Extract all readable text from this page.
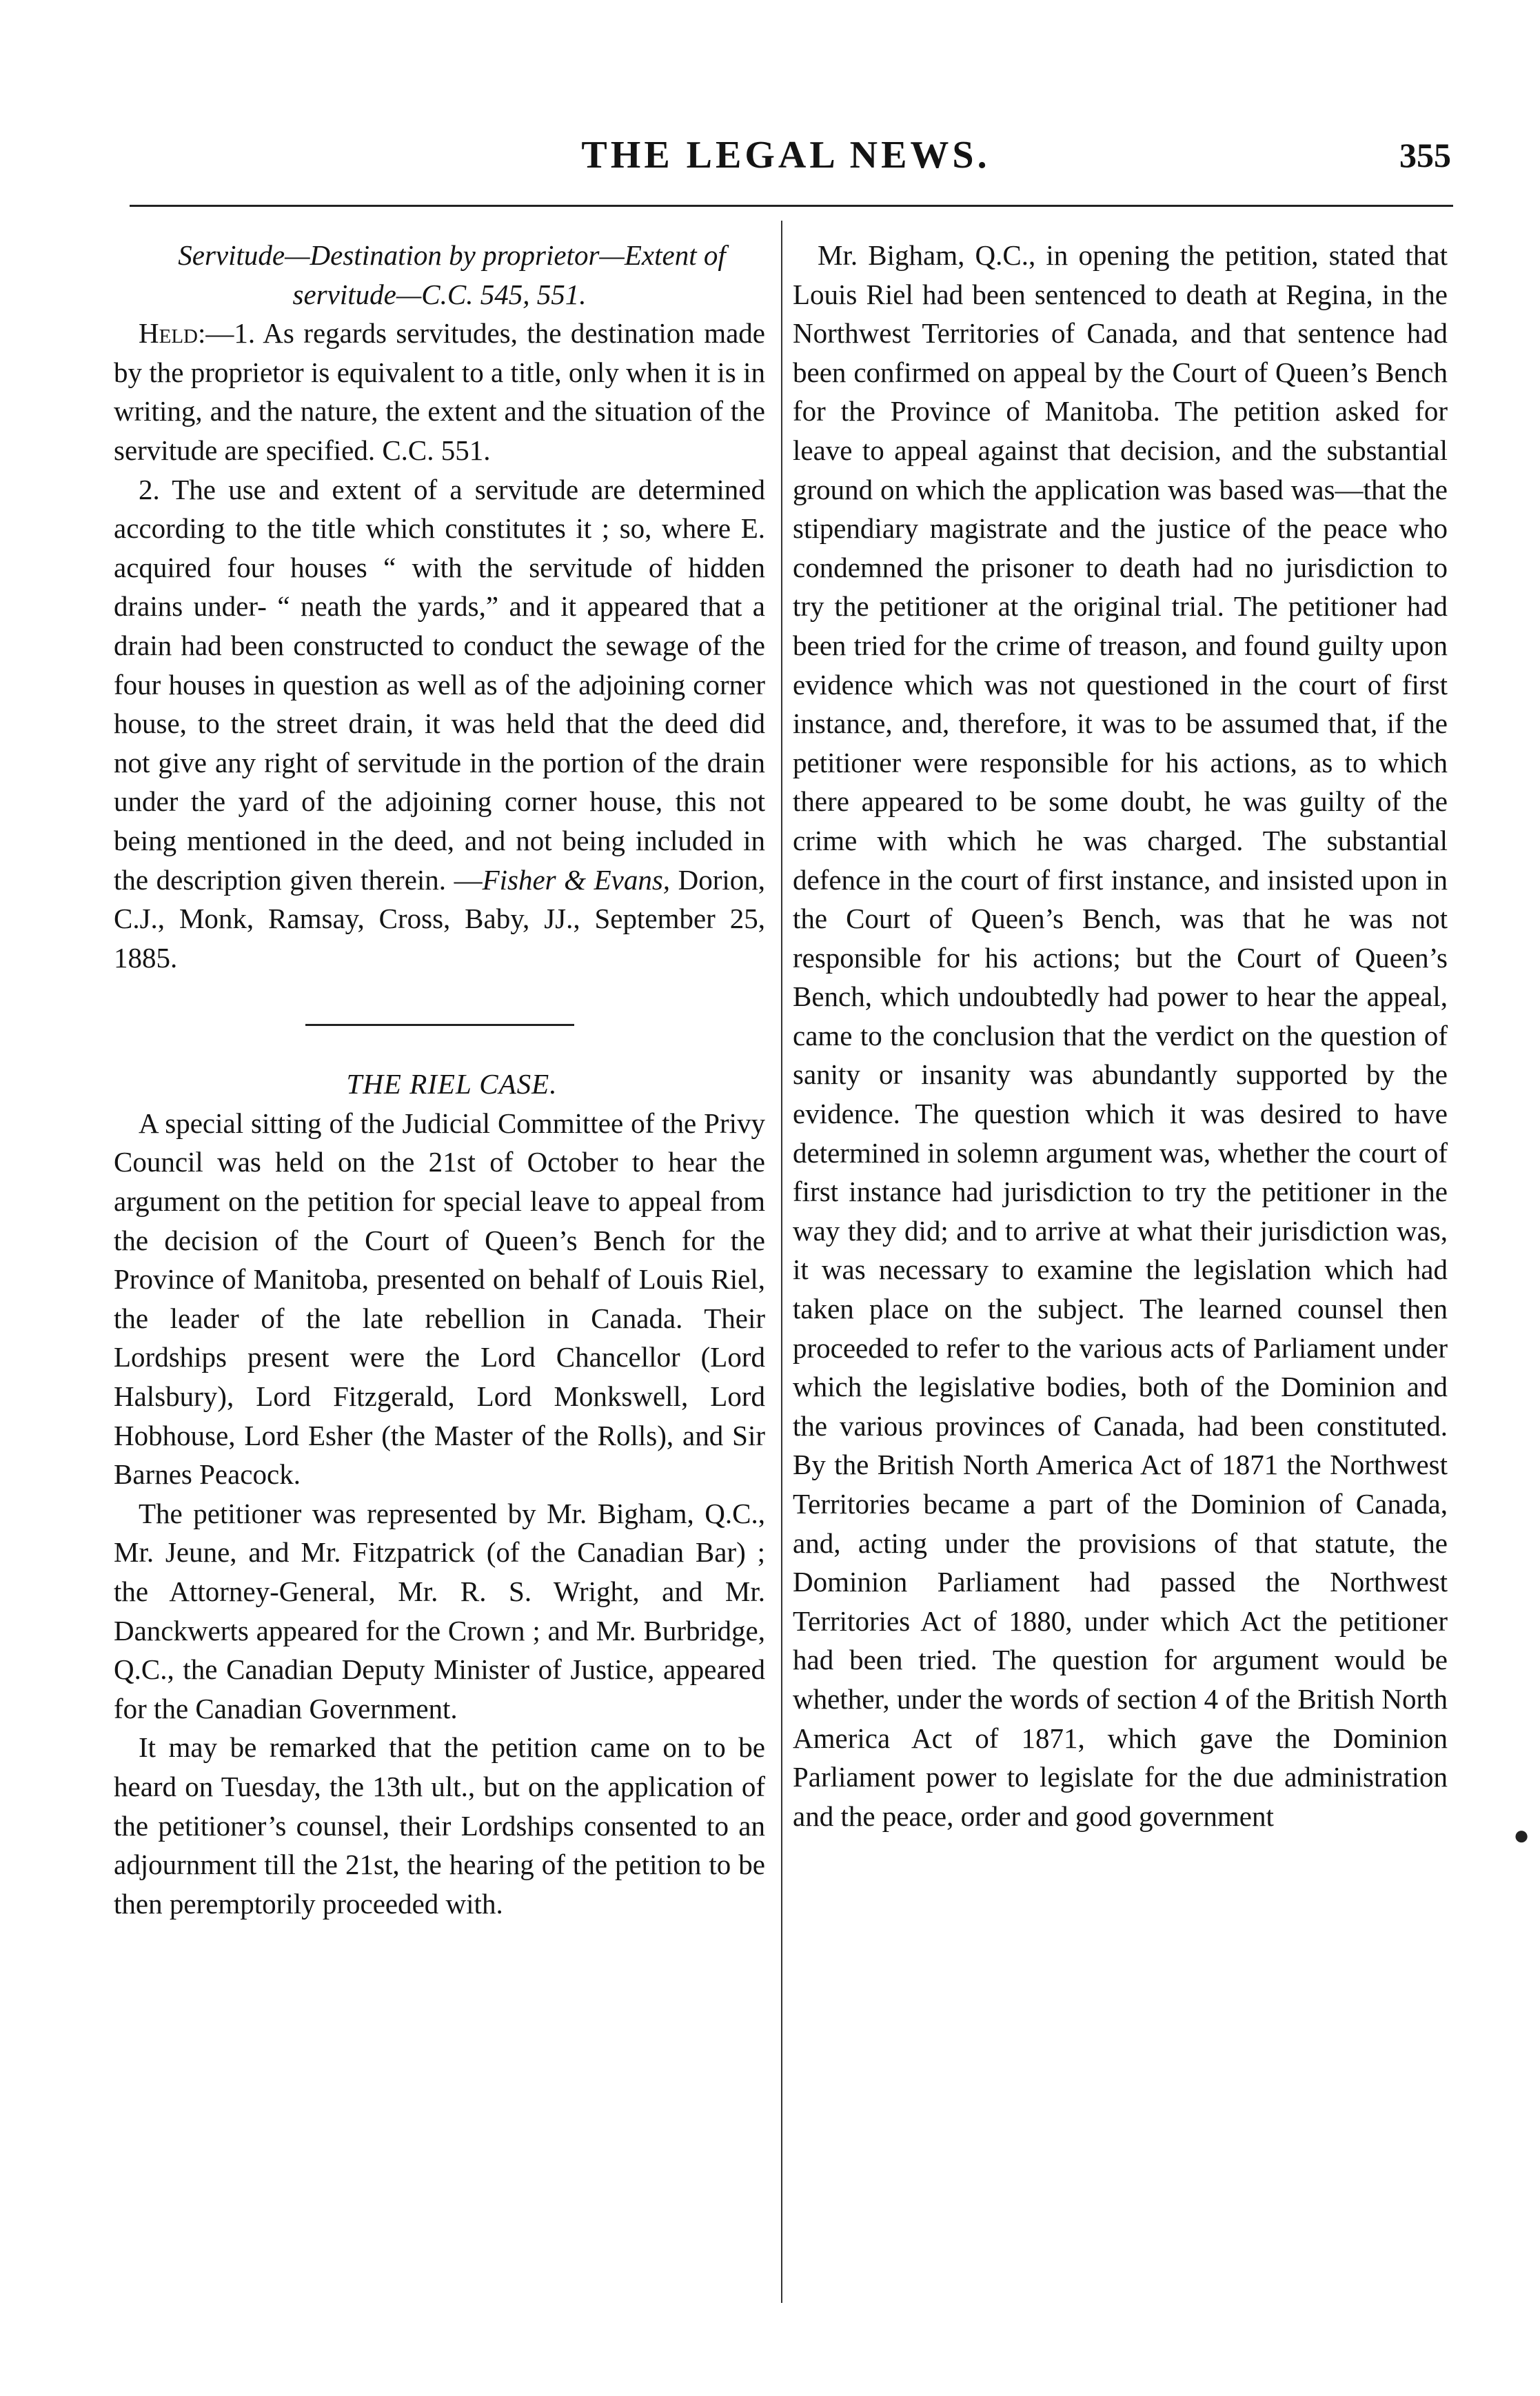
THE LEGAL NEWS.	355

Servitude—Destination by proprietor—Extent of servitude—C.C. 545, 551.

Held:—1. As regards servitudes, the destination made by the proprietor is equivalent to a title, only when it is in writing, and the nature, the extent and the situation of the servitude are specified. C.C. 551.

2. The use and extent of a servitude are determined according to the title which constitutes it ; so, where E. acquired four houses “ with the servitude of hidden drains under- “ neath the yards,” and it appeared that a drain had been constructed to conduct the sewage of the four houses in question as well as of the adjoining corner house, to the street drain, it was held that the deed did not give any right of servitude in the portion of the drain under the yard of the adjoining corner house, this not being mentioned in the deed, and not being included in the description given therein. —Fisher & Evans, Dorion, C.J., Monk, Ramsay, Cross, Baby, JJ., September 25, 1885.

THE RIEL CASE.

A special sitting of the Judicial Committee of the Privy Council was held on the 21st of October to hear the argument on the petition for special leave to appeal from the decision of the Court of Queen’s Bench for the Province of Manitoba, presented on behalf of Louis Riel, the leader of the late rebellion in Canada. Their Lordships present were the Lord Chancellor (Lord Halsbury), Lord Fitzgerald, Lord Monkswell, Lord Hobhouse, Lord Esher (the Master of the Rolls), and Sir Barnes Peacock.

The petitioner was represented by Mr. Bigham, Q.C., Mr. Jeune, and Mr. Fitzpatrick (of the Canadian Bar) ; the Attorney-General, Mr. R. S. Wright, and Mr. Danckwerts appeared for the Crown ; and Mr. Burbridge, Q.C., the Canadian Deputy Minister of Justice, appeared for the Canadian Government.

It may be remarked that the petition came on to be heard on Tuesday, the 13th ult., but on the application of the petitioner’s counsel, their Lordships consented to an adjournment till the 21st, the hearing of the petition to be then peremptorily proceeded with.

Mr. Bigham, Q.C., in opening the petition, stated that Louis Riel had been sentenced to death at Regina, in the Northwest Territories of Canada, and that sentence had been confirmed on appeal by the Court of Queen’s Bench for the Province of Manitoba. The petition asked for leave to appeal against that decision, and the substantial ground on which the application was based was—that the stipendiary magistrate and the justice of the peace who condemned the prisoner to death had no jurisdiction to try the petitioner at the original trial. The petitioner had been tried for the crime of treason, and found guilty upon evidence which was not questioned in the court of first instance, and, therefore, it was to be assumed that, if the petitioner were responsible for his actions, as to which there appeared to be some doubt, he was guilty of the crime with which he was charged. The substantial defence in the court of first instance, and insisted upon in the Court of Queen’s Bench, was that he was not responsible for his actions; but the Court of Queen’s Bench, which undoubtedly had power to hear the appeal, came to the conclusion that the verdict on the question of sanity or insanity was abundantly supported by the evidence. The question which it was desired to have determined in solemn argument was, whether the court of first instance had jurisdiction to try the petitioner in the way they did; and to arrive at what their jurisdiction was, it was necessary to examine the legislation which had taken place on the subject. The learned counsel then proceeded to refer to the various acts of Parliament under which the legislative bodies, both of the Dominion and the various provinces of Canada, had been constituted. By the British North America Act of 1871 the Northwest Territories became a part of the Dominion of Canada, and, acting under the provisions of that statute, the Dominion Parliament had passed the Northwest Territories Act of 1880, under which Act the petitioner had been tried. The question for argument would be whether, under the words of section 4 of the British North America Act of 1871, which gave the Dominion Parliament power to legislate for the due administration and the peace, order and good government

●
